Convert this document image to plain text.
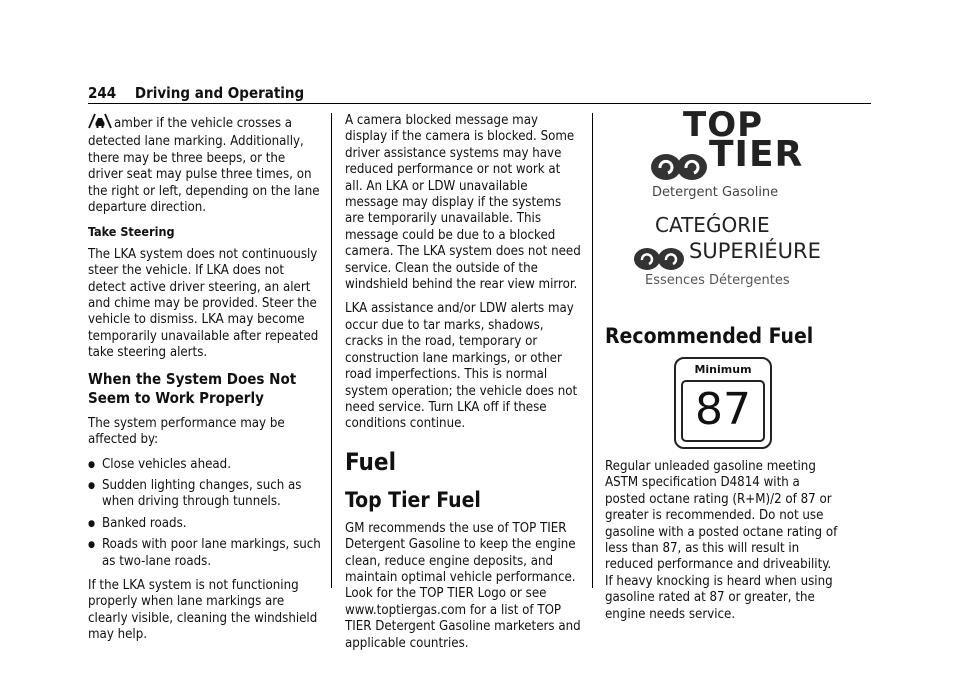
244 Driving and Operating

amber if the vehicle crosses a detected lane marking. Additionally, there may be three beeps, or the driver seat may pulse three times, on the right or left, depending on the lane departure direction.

Take Steering

The LKA system does not continuously steer the vehicle. If LKA does not detect active driver steering, an alert and chime may be provided. Steer the vehicle to dismiss. LKA may become temporarily unavailable after repeated take steering alerts.

When the System Does Not Seem to Work Properly

The system performance may be affected by:

● Close vehicles ahead.
● Sudden lighting changes, such as when driving through tunnels.
● Banked roads.
● Roads with poor lane markings, such as two-lane roads.

If the LKA system is not functioning properly when lane markings are clearly visible, cleaning the windshield may help.

A camera blocked message may display if the camera is blocked. Some driver assistance systems may have reduced performance or not work at all. An LKA or LDW unavailable message may display if the systems are temporarily unavailable. This message could be due to a blocked camera. The LKA system does not need service. Clean the outside of the windshield behind the rear view mirror.

LKA assistance and/or LDW alerts may occur due to tar marks, shadows, cracks in the road, temporary or construction lane markings, or other road imperfections. This is normal system operation; the vehicle does not need service. Turn LKA off if these conditions continue.

Fuel
Top Tier Fuel

GM recommends the use of TOP TIER Detergent Gasoline to keep the engine clean, reduce engine deposits, and maintain optimal vehicle performance. Look for the TOP TIER Logo or see www.toptiergas.com for a list of TOP TIER Detergent Gasoline marketers and applicable countries.

TOP
TIER
Detergent Gasoline
CATEǴORIE
SUPERIÉURE
Essences Détergentes
Recommended Fuel
Minimum
87

Regular unleaded gasoline meeting ASTM specification D4814 with a posted octane rating (R+M)/2 of 87 or greater is recommended. Do not use gasoline with a posted octane rating of less than 87, as this will result in reduced performance and driveability. If heavy knocking is heard when using gasoline rated at 87 or greater, the engine needs service.
